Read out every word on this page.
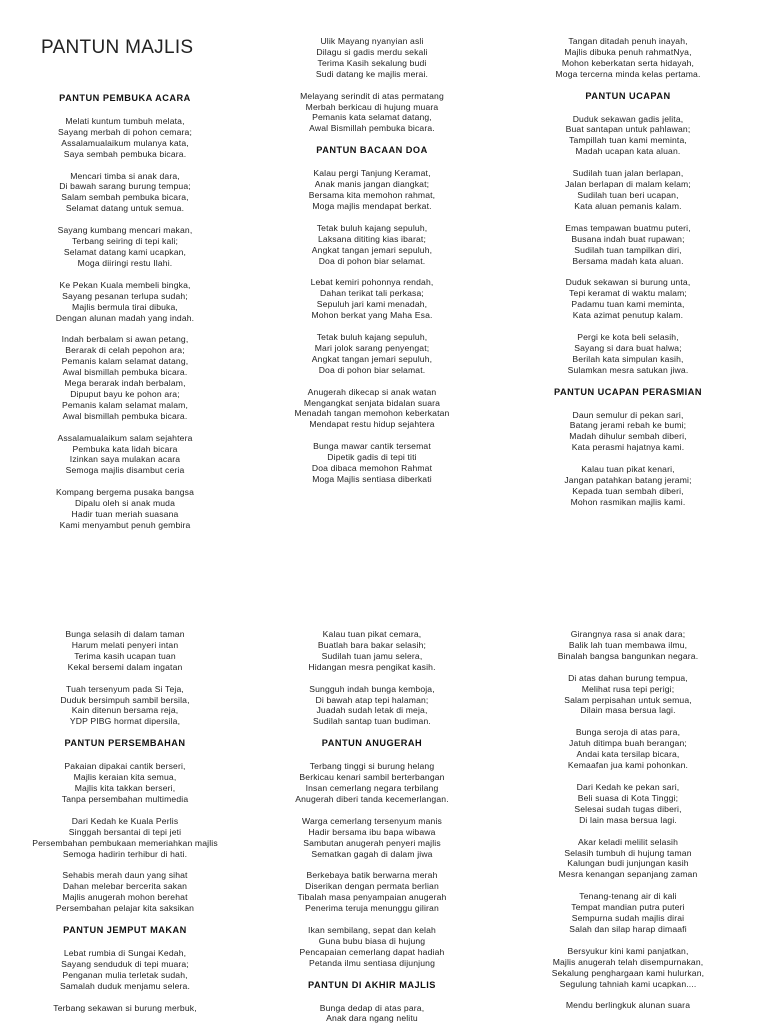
PANTUN MAJLIS
PANTUN PEMBUKA ACARA

Melati kuntum tumbuh melata,
Sayang merbah di pohon cemara;
Assalamualaikum mulanya kata,
Saya sembah pembuka bicara.

Mencari timba si anak dara,
Di bawah sarang burung tempua;
Salam sembah pembuka bicara,
Selamat datang untuk semua.

Sayang kumbang mencari makan,
Terbang seiring di tepi kali;
Selamat datang kami ucapkan,
Moga diiringi restu Ilahi.

Ke Pekan Kuala membeli bingka,
Sayang pesanan terlupa sudah;
Majlis bermula tirai dibuka,
Dengan alunan madah yang indah.

Indah berbalam si awan petang,
Berarak di celah pepohon ara;
Pemanis kalam selamat datang,
Awal bismillah pembuka bicara.
Mega berarak indah berbalam,
Dipuput bayu ke pohon ara;
Pemanis kalam selamat malam,
Awal bismillah pembuka bicara.

Assalamualaikum salam sejahtera
Pembuka kata lidah bicara
Izinkan saya mulakan acara
Semoga majlis disambut ceria

Kompang bergema pusaka bangsa
Dipalu oleh si anak muda
Hadir tuan meriah suasana
Kami menyambut penuh gembira

Ulik Mayang nyanyian asli
Dilagu si gadis merdu sekali
Terima Kasih sekalung budi
Sudi datang ke majlis merai.

Melayang serindit di atas permatang
Merbah berkicau di hujung muara
Pemanis kata selamat datang,
Awal Bismillah pembuka bicara.

PANTUN BACAAN DOA

Kalau pergi Tanjung Keramat,
Anak manis jangan diangkat;
Bersama kita memohon rahmat,
Moga majlis mendapat berkat.

Tetak buluh kajang sepuluh,
Laksana dititing kias ibarat;
Angkat tangan jemari sepuluh,
Doa di pohon biar selamat.

Lebat kemiri pohonnya rendah,
Dahan terikat tali perkasa;
Sepuluh jari kami menadah,
Mohon berkat yang Maha Esa.

Tetak buluh kajang sepuluh,
Mari jolok sarang penyengat;
Angkat tangan jemari sepuluh,
Doa di pohon biar selamat.

Anugerah dikecap si anak watan
Mengangkat senjata bidalan suara
Menadah tangan memohon keberkatan
Mendapat restu hidup sejahtera

Bunga mawar cantik tersemat
Dipetik gadis di tepi titi
Doa dibaca memohon Rahmat
Moga Majlis sentiasa diberkati

Tangan ditadah penuh inayah,
Majlis dibuka penuh rahmatNya,
Mohon keberkatan serta hidayah,
Moga tercerna minda kelas pertama.

PANTUN UCAPAN

Duduk sekawan gadis jelita,
Buat santapan untuk pahlawan;
Tampillah tuan kami meminta,
Madah ucapan kata aluan.

Sudilah tuan jalan berlapan,
Jalan berlapan di malam kelam;
Sudilah tuan beri ucapan,
Kata aluan pemanis kalam.

Emas tempawan buatmu puteri,
Busana indah buat rupawan;
Sudilah tuan tampilkan diri,
Bersama madah kata aluan.

Duduk sekawan si burung unta,
Tepi keramat di waktu malam;
Padamu tuan kami meminta,
Kata azimat penutup kalam.

Pergi ke kota beli selasih,
Sayang si dara buat halwa;
Berilah kata simpulan kasih,
Sulamkan mesra satukan jiwa.

PANTUN UCAPAN PERASMIAN

Daun semulur di pekan sari,
Batang jerami rebah ke bumi;
Madah dihulur sembah diberi,
Kata perasmi hajatnya kami.

Kalau tuan pikat kenari,
Jangan patahkan batang jerami;
Kepada tuan sembah diberi,
Mohon rasmikan majlis kami.

Bunga selasih di dalam taman
Harum melati penyeri intan
Terima kasih ucapan tuan
Kekal bersemi dalam ingatan

Tuah tersenyum pada Si Teja,
Duduk bersimpuh sambil bersila,
Kain ditenun bersama reja,
YDP PIBG hormat dipersila,

PANTUN PERSEMBAHAN

Pakaian dipakai cantik berseri,
Majlis keraian kita semua,
Majlis kita takkan berseri,
Tanpa persembahan multimedia

Dari Kedah ke Kuala Perlis
Singgah bersantai di tepi jeti
Persembahan pembukaan memeriahkan majlis
Semoga hadirin terhibur di hati.

Sehabis merah daun yang sihat
Dahan melebar bercerita sakan
Majlis anugerah mohon berehat
Persembahan pelajar kita saksikan

PANTUN JEMPUT MAKAN

Lebat rumbia di Sungai Kedah,
Sayang senduduk di tepi muara;
Penganan mulia terletak sudah,
Samalah duduk menjamu selera.

Terbang sekawan si burung merbuk,

Kalau tuan pikat cemara,
Buatlah bara bakar selasih;
Sudilah tuan jamu selera,
Hidangan mesra pengikat kasih.

Sungguh indah bunga kemboja,
Di bawah atap tepi halaman;
Juadah sudah letak di meja,
Sudilah santap tuan budiman.

PANTUN ANUGERAH

Terbang tinggi si burung helang
Berkicau kenari sambil berterbangan
Insan cemerlang negara terbilang
Anugerah diberi tanda kecemerlangan.

Warga cemerlang tersenyum manis
Hadir bersama ibu bapa wibawa
Sambutan anugerah penyeri majlis
Sematkan gagah di dalam jiwa

Berkebaya batik berwarna merah
Diserikan dengan permata berlian
Tibalah masa penyampaian anugerah
Penerima teruja menunggu giliran

Ikan sembilang, sepat dan kelah
Guna bubu biasa di hujung
Pencapaian cemerlang dapat hadiah
Petanda ilmu sentiasa dijunjung

PANTUN DI AKHIR MAJLIS

Bunga dedap di atas para,
Anak dara ngang nelitu

Girangnya rasa si anak dara;
Balik lah tuan membawa ilmu,
Binalah bangsa bangunkan negara.

Di atas dahan burung tempua,
Melihat rusa tepi perigi;
Salam perpisahan untuk semua,
Dilain masa bersua lagi.

Bunga seroja di atas para,
Jatuh ditimpa buah berangan;
Andai kata tersilap bicara,
Kemaafan jua kami pohonkan.

Dari Kedah ke pekan sari,
Beli suasa di Kota Tinggi;
Selesai sudah tugas diberi,
Di lain masa bersua lagi.

Akar keladi melilit selasih
Selasih tumbuh di hujung taman
Kalungan budi junjungan kasih
Mesra kenangan sepanjang zaman

Tenang-tenang air di kali
Tempat mandian putra puteri
Sempurna sudah majlis dirai
Salah dan silap harap dimaafi

Bersyukur kini kami panjatkan,
Majlis anugerah telah disempurnakan,
Sekalung penghargaan kami hulurkan,
Segulung tahniah kami ucapkan....

Mendu berlingkuk alunan suara
